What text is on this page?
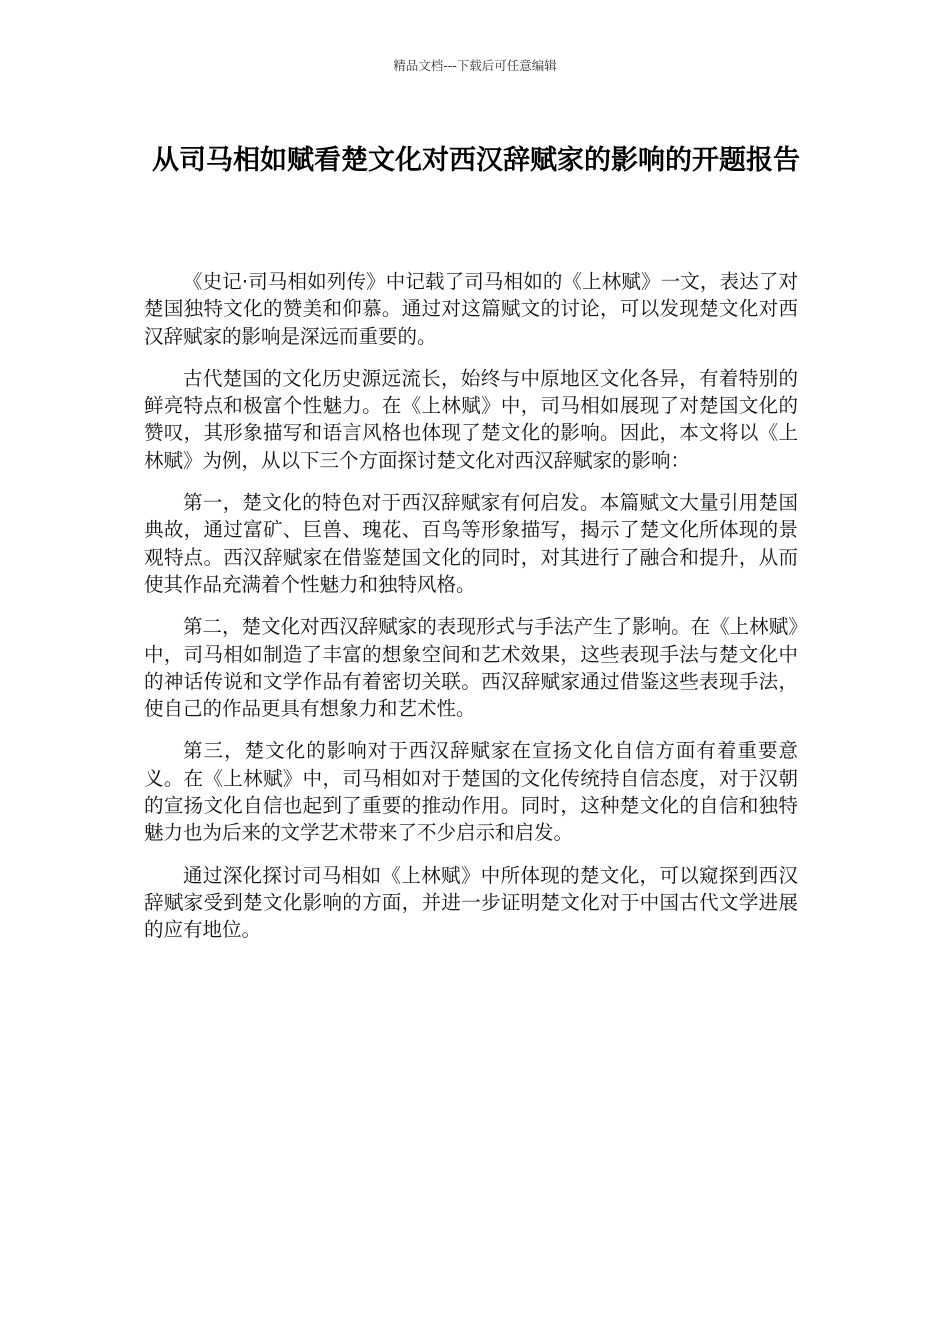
精品文档---下载后可任意编辑
从司马相如赋看楚文化对西汉辞赋家的影响的开题报告

《史记·司马相如列传》中记载了司马相如的《上林赋》一文，表达了对楚国独特文化的赞美和仰慕。通过对这篇赋文的讨论，可以发现楚文化对西汉辞赋家的影响是深远而重要的。

古代楚国的文化历史源远流长，始终与中原地区文化各异，有着特别的鲜亮特点和极富个性魅力。在《上林赋》中，司马相如展现了对楚国文化的赞叹，其形象描写和语言风格也体现了楚文化的影响。因此，本文将以《上林赋》为例，从以下三个方面探讨楚文化对西汉辞赋家的影响：

第一，楚文化的特色对于西汉辞赋家有何启发。本篇赋文大量引用楚国典故，通过富矿、巨兽、瑰花、百鸟等形象描写，揭示了楚文化所体现的景观特点。西汉辞赋家在借鉴楚国文化的同时，对其进行了融合和提升，从而使其作品充满着个性魅力和独特风格。

第二，楚文化对西汉辞赋家的表现形式与手法产生了影响。在《上林赋》中，司马相如制造了丰富的想象空间和艺术效果，这些表现手法与楚文化中的神话传说和文学作品有着密切关联。西汉辞赋家通过借鉴这些表现手法，使自己的作品更具有想象力和艺术性。

第三，楚文化的影响对于西汉辞赋家在宣扬文化自信方面有着重要意义。在《上林赋》中，司马相如对于楚国的文化传统持自信态度，对于汉朝的宣扬文化自信也起到了重要的推动作用。同时，这种楚文化的自信和独特魅力也为后来的文学艺术带来了不少启示和启发。

通过深化探讨司马相如《上林赋》中所体现的楚文化，可以窥探到西汉辞赋家受到楚文化影响的方面，并进一步证明楚文化对于中国古代文学进展的应有地位。
